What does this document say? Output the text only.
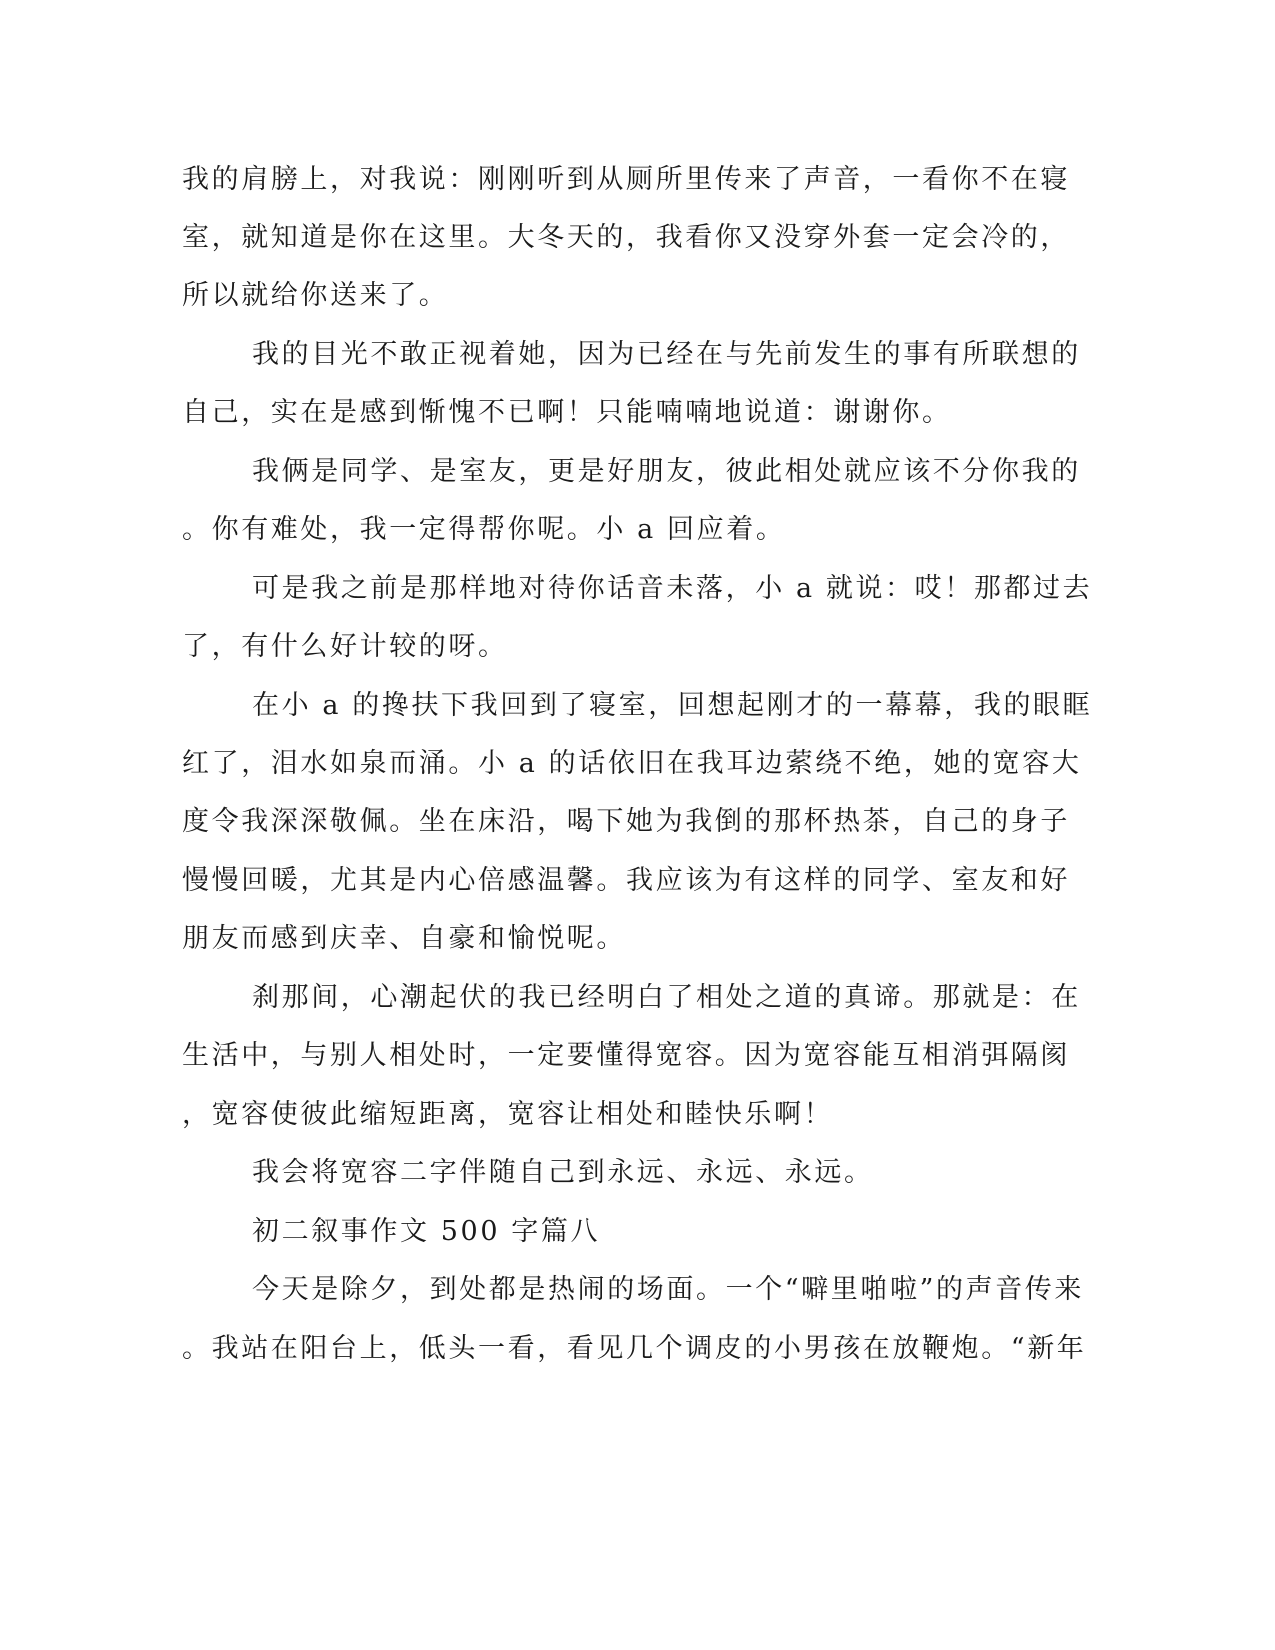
我的肩膀上，对我说：刚刚听到从厕所里传来了声音，一看你不在寝
室，就知道是你在这里。大冬天的，我看你又没穿外套一定会冷的，
所以就给你送来了。
我的目光不敢正视着她，因为已经在与先前发生的事有所联想的
自己，实在是感到惭愧不已啊！只能喃喃地说道：谢谢你。
我俩是同学、是室友，更是好朋友，彼此相处就应该不分你我的
。你有难处，我一定得帮你呢。小 a 回应着。
可是我之前是那样地对待你话音未落，小 a 就说：哎！那都过去
了，有什么好计较的呀。
在小 a 的搀扶下我回到了寝室，回想起刚才的一幕幕，我的眼眶
红了，泪水如泉而涌。小 a 的话依旧在我耳边萦绕不绝，她的宽容大
度令我深深敬佩。坐在床沿，喝下她为我倒的那杯热茶，自己的身子
慢慢回暖，尤其是内心倍感温馨。我应该为有这样的同学、室友和好
朋友而感到庆幸、自豪和愉悦呢。
刹那间，心潮起伏的我已经明白了相处之道的真谛。那就是：在
生活中，与别人相处时，一定要懂得宽容。因为宽容能互相消弭隔阂
，宽容使彼此缩短距离，宽容让相处和睦快乐啊！
我会将宽容二字伴随自己到永远、永远、永远。
初二叙事作文 500 字篇八
今天是除夕，到处都是热闹的场面。一个“噼里啪啦”的声音传来
。我站在阳台上，低头一看，看见几个调皮的小男孩在放鞭炮。“新年
